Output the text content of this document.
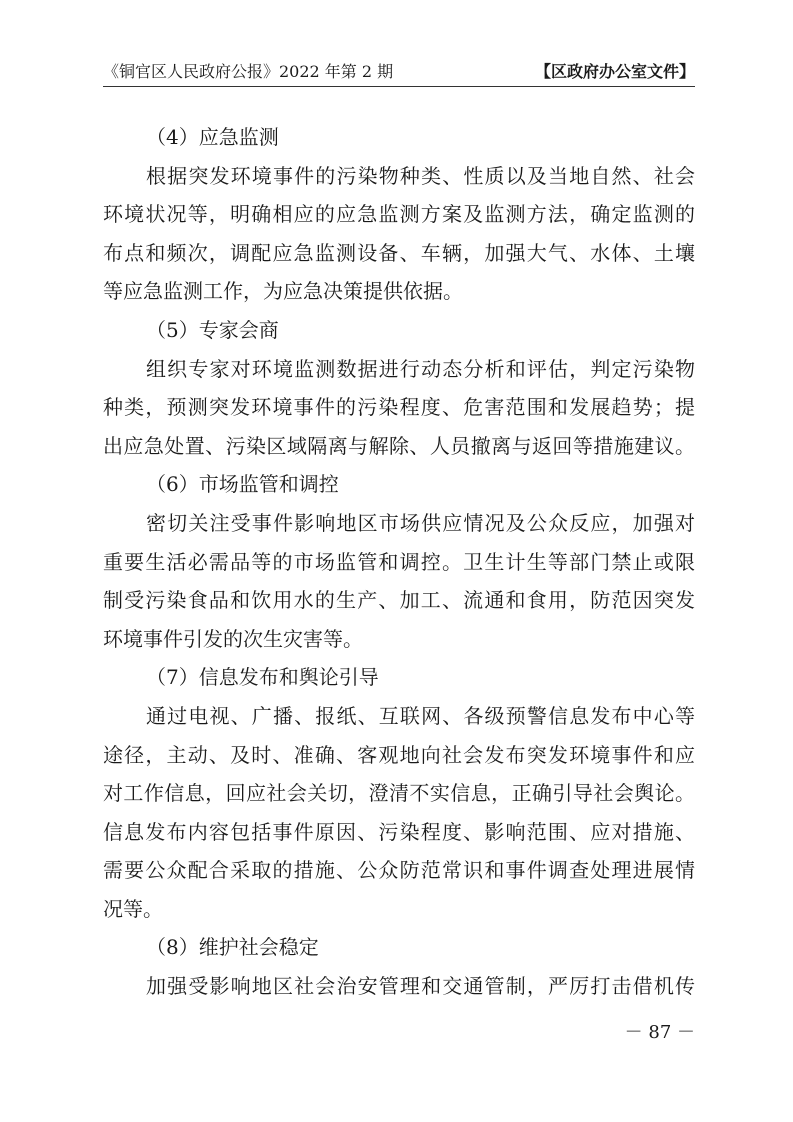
《铜官区人民政府公报》2022 年第 2 期	【区政府办公室文件】
（4）应急监测
根据突发环境事件的污染物种类、性质以及当地自然、社会
环境状况等，明确相应的应急监测方案及监测方法，确定监测的
布点和频次，调配应急监测设备、车辆，加强大气、水体、土壤
等应急监测工作，为应急决策提供依据。
（5）专家会商
组织专家对环境监测数据进行动态分析和评估，判定污染物
种类，预测突发环境事件的污染程度、危害范围和发展趋势；提
出应急处置、污染区域隔离与解除、人员撤离与返回等措施建议。
（6）市场监管和调控
密切关注受事件影响地区市场供应情况及公众反应，加强对
重要生活必需品等的市场监管和调控。卫生计生等部门禁止或限
制受污染食品和饮用水的生产、加工、流通和食用，防范因突发
环境事件引发的次生灾害等。
（7）信息发布和舆论引导
通过电视、广播、报纸、互联网、各级预警信息发布中心等
途径，主动、及时、准确、客观地向社会发布突发环境事件和应
对工作信息，回应社会关切，澄清不实信息，正确引导社会舆论。
信息发布内容包括事件原因、污染程度、影响范围、应对措施、
需要公众配合采取的措施、公众防范常识和事件调查处理进展情
况等。
（8）维护社会稳定
加强受影响地区社会治安管理和交通管制，严厉打击借机传
－ 87 －
